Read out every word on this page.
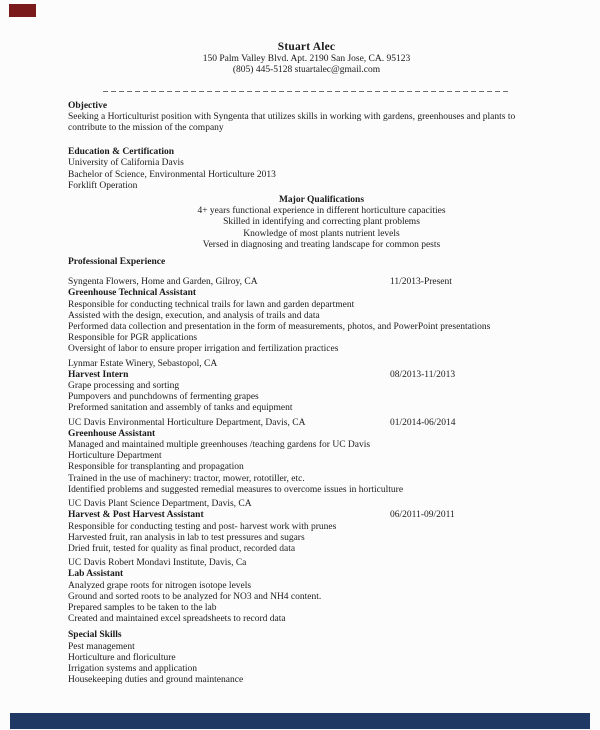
Stuart Alec
150 Palm Valley Blvd. Apt. 2190 San Jose, CA. 95123
(805) 445-5128 stuartalec@gmail.com
Objective
Seeking a Horticulturist position with Syngenta that utilizes skills in working with gardens, greenhouses and plants to
contribute to the mission of the company
Education & Certification
University of California Davis
Bachelor of Science, Environmental Horticulture 2013
Forklift Operation
Major Qualifications
4+ years functional experience in different horticulture capacities
Skilled in identifying and correcting plant problems
Knowledge of most plants nutrient levels
Versed in diagnosing and treating landscape for common pests
Professional Experience
Syngenta Flowers, Home and Garden, Gilroy, CA	11/2013-Present
Greenhouse Technical Assistant
Responsible for conducting technical trails for lawn and garden department
Assisted with the design, execution, and analysis of trails and data
Performed data collection and presentation in the form of measurements, photos, and PowerPoint presentations
Responsible for PGR applications
Oversight of labor to ensure proper irrigation and fertilization practices
Lynmar Estate Winery, Sebastopol, CA
Harvest Intern	08/2013-11/2013
Grape processing and sorting
Pumpovers and punchdowns of fermenting grapes
Preformed sanitation and assembly of tanks and equipment
UC Davis Environmental Horticulture Department, Davis, CA	01/2014-06/2014
Greenhouse Assistant
Managed and maintained multiple greenhouses /teaching gardens for UC Davis
Horticulture Department
Responsible for transplanting and propagation
Trained in the use of machinery: tractor, mower, rototiller, etc.
Identified problems and suggested remedial measures to overcome issues in horticulture
UC Davis Plant Science Department, Davis, CA
Harvest & Post Harvest Assistant	06/2011-09/2011
Responsible for conducting testing and post- harvest work with prunes
Harvested fruit, ran analysis in lab to test pressures and sugars
Dried fruit, tested for quality as final product, recorded data
UC Davis Robert Mondavi Institute, Davis, Ca
Lab Assistant
Analyzed grape roots for nitrogen isotope levels
Ground and sorted roots to be analyzed for NO3 and NH4 content.
Prepared samples to be taken to the lab
Created and maintained excel spreadsheets to record data
Special Skills
Pest management
Horticulture and floriculture
Irrigation systems and application
Housekeeping duties and ground maintenance
